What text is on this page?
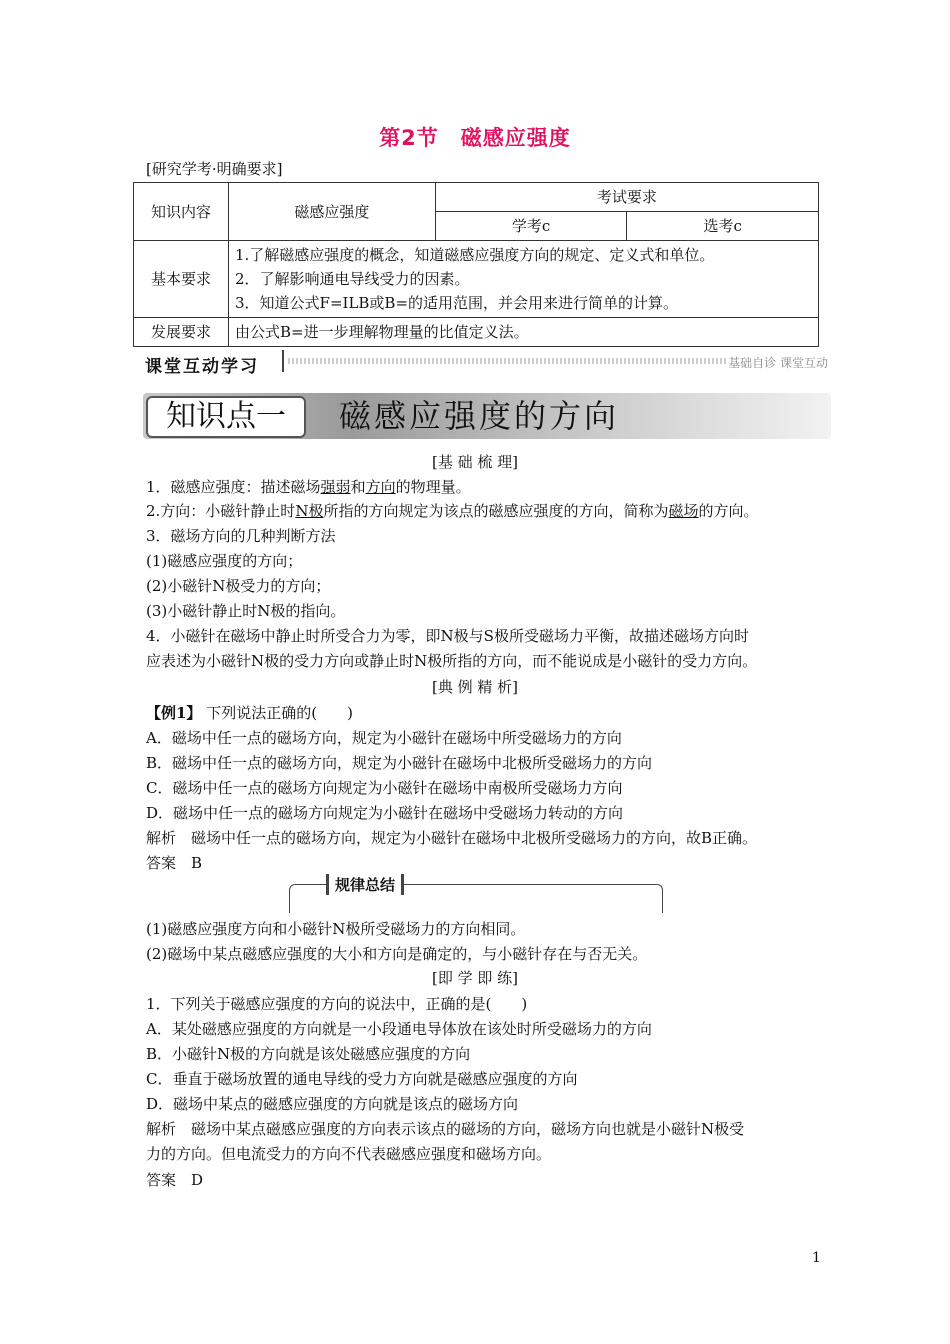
第2节　磁感应强度
[研究学考·明确要求]
知识内容	磁感应强度	考试要求	
		学考c	选考c
基本要求	1.了解磁感应强度的概念，知道磁感应强度方向的规定、定义式和单位。
2．了解影响通电导线受力的因素。
3．知道公式F=ILB或B=的适用范围，并会用来进行简单的计算。		

发展要求	由公式B=进一步理解物理量的比值定义法。		
课堂互动学习	基础自诊 课堂互动
知识点一	磁感应强度的方向
[基 础 梳 理]
1．磁感应强度：描述磁场强弱和方向的物理量。
2.方向：小磁针静止时N极所指的方向规定为该点的磁感应强度的方向，简称为磁场的方向。
3．磁场方向的几种判断方法
(1)磁感应强度的方向；
(2)小磁针N极受力的方向；
(3)小磁针静止时N极的指向。
4．小磁针在磁场中静止时所受合力为零，即N极与S极所受磁场力平衡，故描述磁场方向时
应表述为小磁针N极的受力方向或静止时N极所指的方向，而不能说成是小磁针的受力方向。
[典 例 精 析]
【例1】 下列说法正确的(　　)
A．磁场中任一点的磁场方向，规定为小磁针在磁场中所受磁场力的方向
B．磁场中任一点的磁场方向，规定为小磁针在磁场中北极所受磁场力的方向
C．磁场中任一点的磁场方向规定为小磁针在磁场中南极所受磁场力方向
D．磁场中任一点的磁场方向规定为小磁针在磁场中受磁场力转动的方向
解析　磁场中任一点的磁场方向，规定为小磁针在磁场中北极所受磁场力的方向，故B正确。
答案　B
规律总结
(1)磁感应强度方向和小磁针N极所受磁场力的方向相同。
(2)磁场中某点磁感应强度的大小和方向是确定的，与小磁针存在与否无关。
[即 学 即 练]
1．下列关于磁感应强度的方向的说法中，正确的是(　　)
A．某处磁感应强度的方向就是一小段通电导体放在该处时所受磁场力的方向
B．小磁针N极的方向就是该处磁感应强度的方向
C．垂直于磁场放置的通电导线的受力方向就是磁感应强度的方向
D．磁场中某点的磁感应强度的方向就是该点的磁场方向
解析　磁场中某点磁感应强度的方向表示该点的磁场的方向，磁场方向也就是小磁针N极受
力的方向。但电流受力的方向不代表磁感应强度和磁场方向。
答案　D
1
